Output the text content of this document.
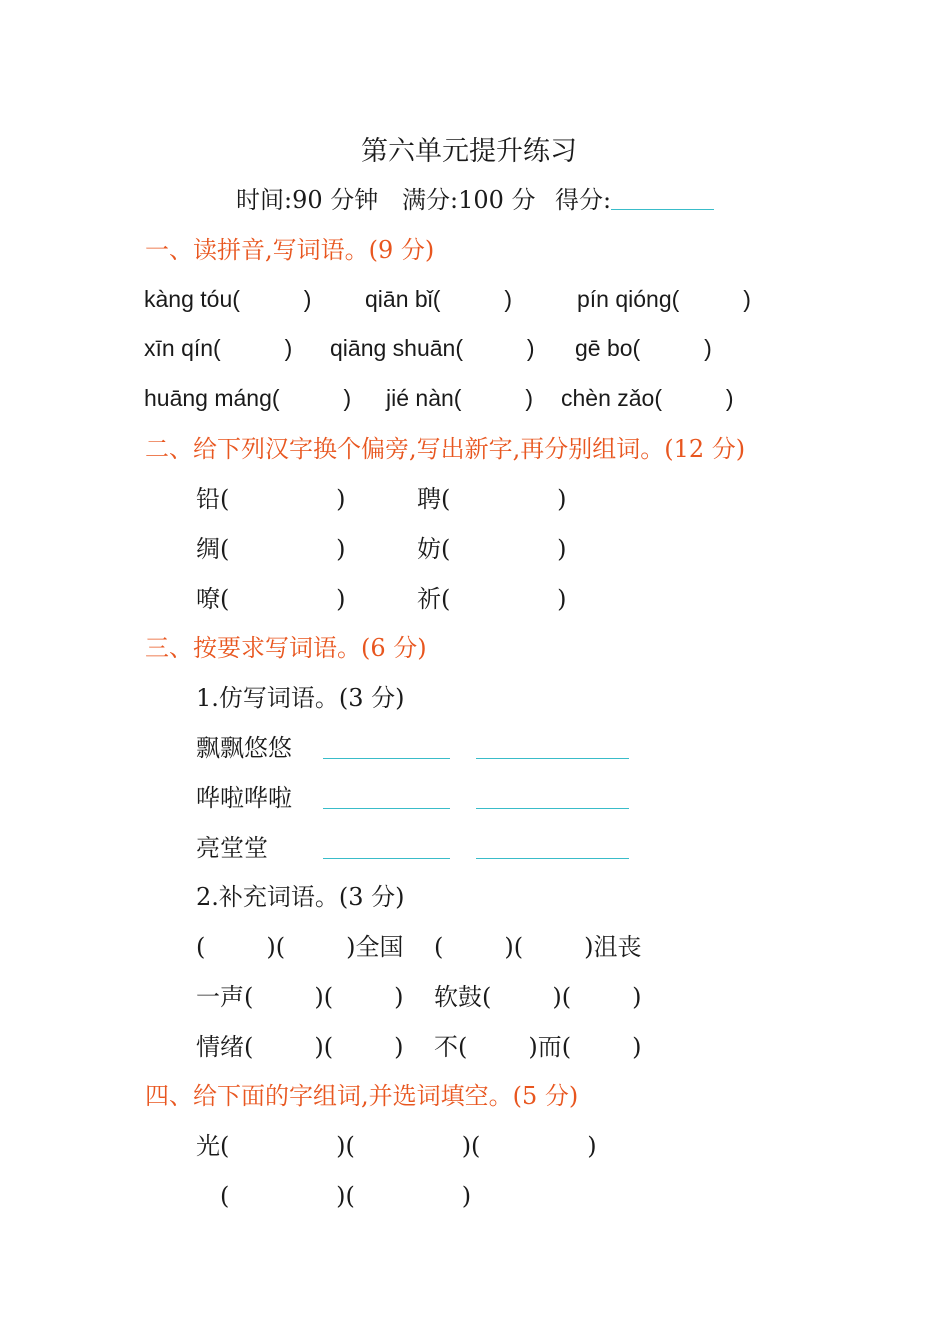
第六单元提升练习
时间:90 分钟 满分:100 分 得分:
一、读拼音,写词语。(9 分)
kàng tóu(          ) qiān bǐ(          )	pín qióng(          )
xīn qín(          ) qiāng shuān(          ) gē bo(          )
huāng máng(          ) jié nàn(          ) chèn zǎo(          )
二、给下列汉字换个偏旁,写出新字,再分别组词。(12 分)
铅(              )	聘(              )
绸(              )	妨(              )
嘹(              )	祈(              )
三、按要求写词语。(6 分)
1.仿写词语。(3 分)
飘飘悠悠
哗啦哗啦
亮堂堂
2.补充词语。(3 分)
(        )(        )全国 (        )(        )沮丧
一声(        )(        ) 软鼓(        )(        )
情绪(        )(        ) 不(        )而(        )
四、给下面的字组词,并选词填空。(5 分)
光(              )(              )(              )
(              )(              )
